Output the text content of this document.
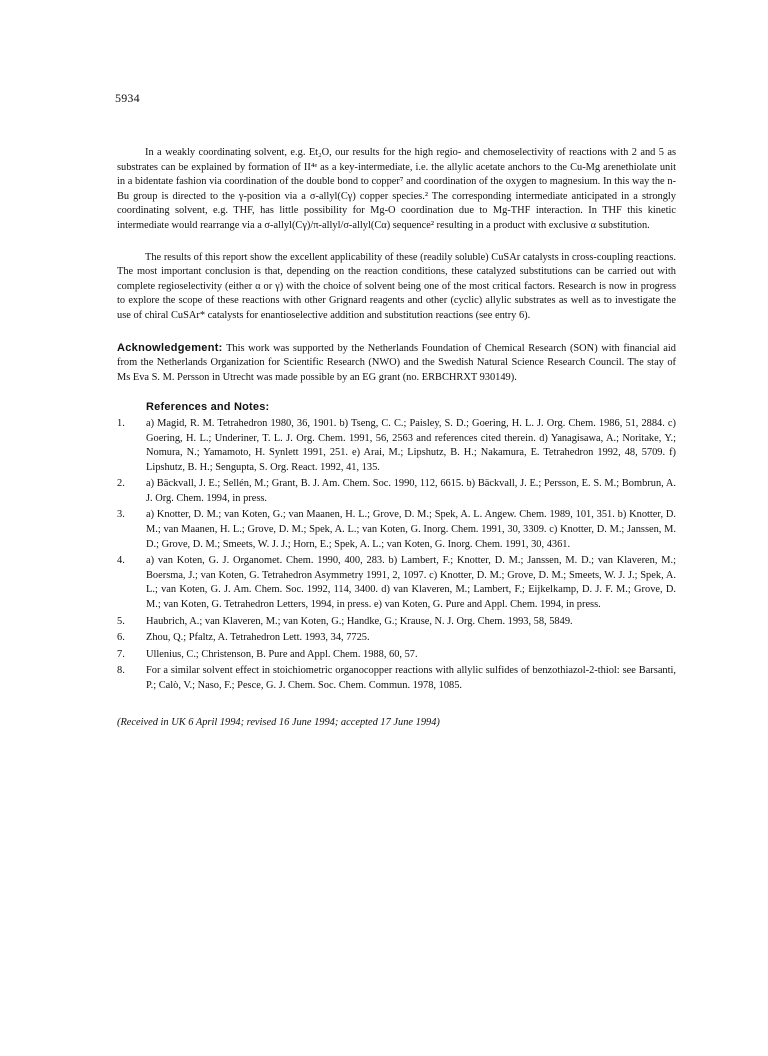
5934

In a weakly coordinating solvent, e.g. Et₂O, our results for the high regio- and chemoselectivity of reactions with 2 and 5 as substrates can be explained by formation of II⁴ᵉ as a key-intermediate, i.e. the allylic acetate anchors to the Cu-Mg arenethiolate unit in a bidentate fashion via coordination of the double bond to copper⁷ and coordination of the oxygen to magnesium. In this way the n-Bu group is directed to the γ-position via a σ-allyl(Cγ) copper species.² The corresponding intermediate anticipated in a strongly coordinating solvent, e.g. THF, has little possibility for Mg-O coordination due to Mg-THF interaction. In THF this kinetic intermediate would rearrange via a σ-allyl(Cγ)/π-allyl/σ-allyl(Cα) sequence² resulting in a product with exclusive α substitution.

The results of this report show the excellent applicability of these (readily soluble) CuSAr catalysts in cross-coupling reactions. The most important conclusion is that, depending on the reaction conditions, these catalyzed substitutions can be carried out with complete regioselectivity (either α or γ) with the choice of solvent being one of the most critical factors. Research is now in progress to explore the scope of these reactions with other Grignard reagents and other (cyclic) allylic substrates as well as to investigate the use of chiral CuSAr* catalysts for enantioselective addition and substitution reactions (see entry 6).

Acknowledgement: This work was supported by the Netherlands Foundation of Chemical Research (SON) with financial aid from the Netherlands Organization for Scientific Research (NWO) and the Swedish Natural Science Research Council. The stay of Ms Eva S. M. Persson in Utrecht was made possible by an EG grant (no. ERBCHRXT 930149).

References and Notes:
1. a) Magid, R. M. Tetrahedron 1980, 36, 1901. b) Tseng, C. C.; Paisley, S. D.; Goering, H. L. J. Org. Chem. 1986, 51, 2884. c) Goering, H. L.; Underiner, T. L. J. Org. Chem. 1991, 56, 2563 and references cited therein. d) Yanagisawa, A.; Noritake, Y.; Nomura, N.; Yamamoto, H. Synlett 1991, 251. e) Arai, M.; Lipshutz, B. H.; Nakamura, E. Tetrahedron 1992, 48, 5709. f) Lipshutz, B. H.; Sengupta, S. Org. React. 1992, 41, 135.
2. a) Bäckvall, J. E.; Sellén, M.; Grant, B. J. Am. Chem. Soc. 1990, 112, 6615. b) Bäckvall, J. E.; Persson, E. S. M.; Bombrun, A. J. Org. Chem. 1994, in press.
3. a) Knotter, D. M.; van Koten, G.; van Maanen, H. L.; Grove, D. M.; Spek, A. L. Angew. Chem. 1989, 101, 351. b) Knotter, D. M.; van Maanen, H. L.; Grove, D. M.; Spek, A. L.; van Koten, G. Inorg. Chem. 1991, 30, 3309. c) Knotter, D. M.; Janssen, M. D.; Grove, D. M.; Smeets, W. J. J.; Horn, E.; Spek, A. L.; van Koten, G. Inorg. Chem. 1991, 30, 4361.
4. a) van Koten, G. J. Organomet. Chem. 1990, 400, 283. b) Lambert, F.; Knotter, D. M.; Janssen, M. D.; van Klaveren, M.; Boersma, J.; van Koten, G. Tetrahedron Asymmetry 1991, 2, 1097. c) Knotter, D. M.; Grove, D. M.; Smeets, W. J. J.; Spek, A. L.; van Koten, G. J. Am. Chem. Soc. 1992, 114, 3400. d) van Klaveren, M.; Lambert, F.; Eijkelkamp, D. J. F. M.; Grove, D. M.; van Koten, G. Tetrahedron Letters, 1994, in press. e) van Koten, G. Pure and Appl. Chem. 1994, in press.
5. Haubrich, A.; van Klaveren, M.; van Koten, G.; Handke, G.; Krause, N. J. Org. Chem. 1993, 58, 5849.
6. Zhou, Q.; Pfaltz, A. Tetrahedron Lett. 1993, 34, 7725.
7. Ullenius, C.; Christenson, B. Pure and Appl. Chem. 1988, 60, 57.
8. For a similar solvent effect in stoichiometric organocopper reactions with allylic sulfides of benzothiazol-2-thiol: see Barsanti, P.; Calò, V.; Naso, F.; Pesce, G. J. Chem. Soc. Chem. Commun. 1978, 1085.
(Received in UK 6 April 1994; revised 16 June 1994; accepted 17 June 1994)
